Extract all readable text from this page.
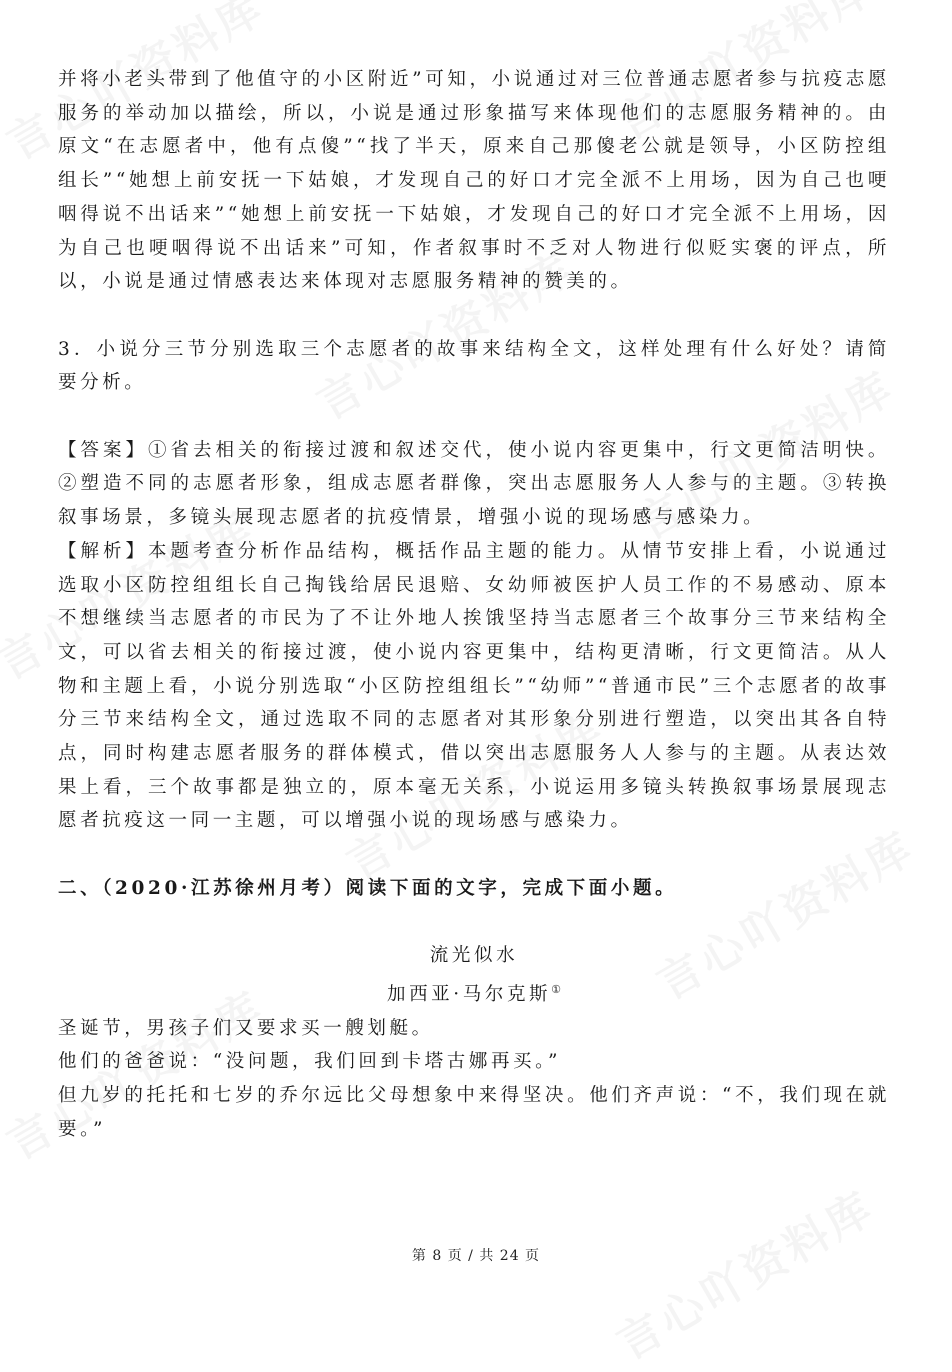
并将小老头带到了他值守的小区附近”可知，小说通过对三位普通志愿者参与抗疫志愿服务的举动加以描绘，所以，小说是通过形象描写来体现他们的志愿服务精神的。由原文“在志愿者中，他有点傻”“找了半天，原来自己那傻老公就是领导，小区防控组组长”“她想上前安抚一下姑娘，才发现自己的好口才完全派不上用场，因为自己也哽咽得说不出话来”“她想上前安抚一下姑娘，才发现自己的好口才完全派不上用场，因为自己也哽咽得说不出话来”可知，作者叙事时不乏对人物进行似贬实褒的评点，所以，小说是通过情感表达来体现对志愿服务精神的赞美的。

3．小说分三节分别选取三个志愿者的故事来结构全文，这样处理有什么好处？请简要分析。

【答案】①省去相关的衔接过渡和叙述交代，使小说内容更集中，行文更简洁明快。②塑造不同的志愿者形象，组成志愿者群像，突出志愿服务人人参与的主题。③转换叙事场景，多镜头展现志愿者的抗疫情景，增强小说的现场感与感染力。

【解析】本题考查分析作品结构，概括作品主题的能力。从情节安排上看，小说通过选取小区防控组组长自己掏钱给居民退赔、女幼师被医护人员工作的不易感动、原本不想继续当志愿者的市民为了不让外地人挨饿坚持当志愿者三个故事分三节来结构全文，可以省去相关的衔接过渡，使小说内容更集中，结构更清晰，行文更简洁。从人物和主题上看，小说分别选取“小区防控组组长”“幼师”“普通市民”三个志愿者的故事分三节来结构全文，通过选取不同的志愿者对其形象分别进行塑造，以突出其各自特点，同时构建志愿者服务的群体模式，借以突出志愿服务人人参与的主题。从表达效果上看，三个故事都是独立的，原本毫无关系，小说运用多镜头转换叙事场景展现志愿者抗疫这一同一主题，可以增强小说的现场感与感染力。

二、（2020·江苏徐州月考）阅读下面的文字，完成下面小题。

流光似水

加西亚·马尔克斯①

圣诞节，男孩子们又要求买一艘划艇。

他们的爸爸说：“没问题，我们回到卡塔古娜再买。”

但九岁的托托和七岁的乔尔远比父母想象中来得坚决。他们齐声说：“不，我们现在就要。”

第 8 页 / 共 24 页
